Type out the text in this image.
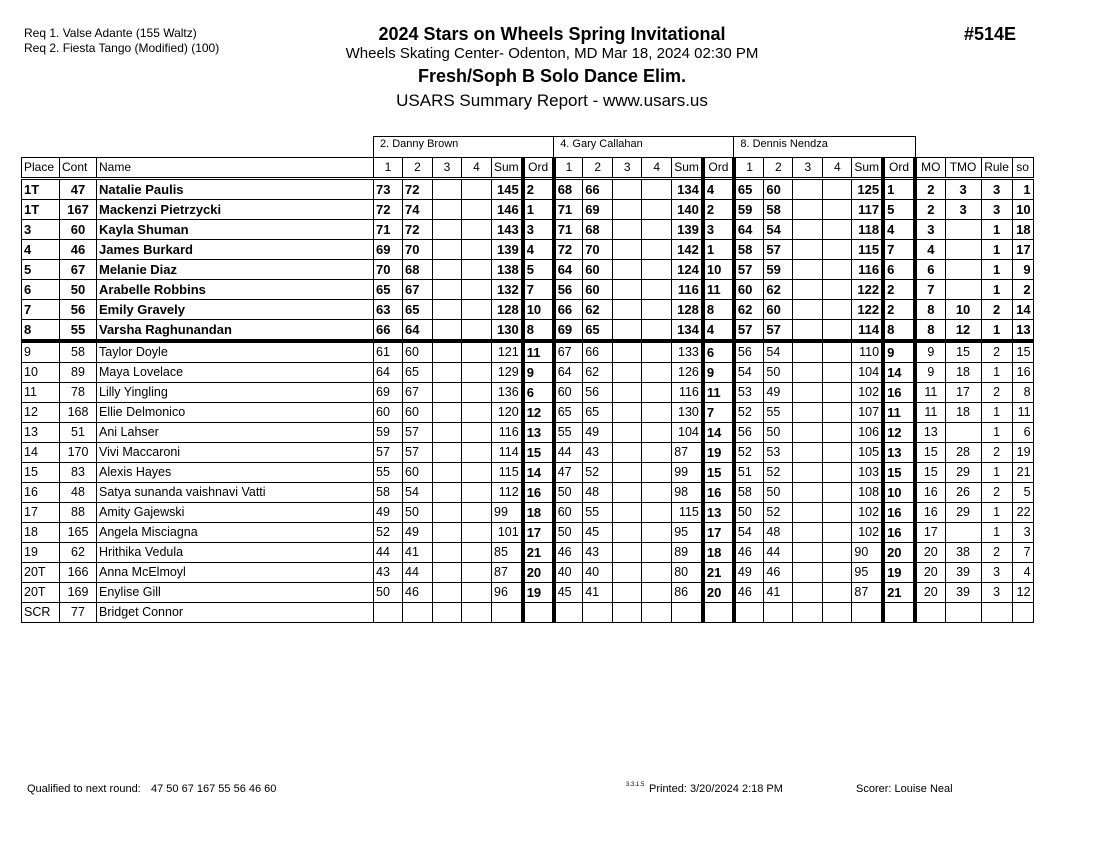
Req 1. Valse Adante (155 Waltz)
Req 2. Fiesta Tango (Modified) (100)
2024 Stars on Wheels Spring Invitational
Wheels Skating Center- Odenton, MD Mar 18, 2024 02:30 PM
Fresh/Soph B Solo Dance Elim.
USARS Summary Report - www.usars.us
#514E
			2. Danny Brown						4. Gary Callahan						8. Dennis Nendza									
Place	Cont	Name	1	2	3	4	Sum	Ord	1	2	3	4	Sum	Ord	1	2	3	4	Sum	Ord	MO	TMO	Rule	so
1T	47	Natalie Paulis	73	72			145	2	68	66			134	4	65	60			125	1	2	3	3	1
1T	167	Mackenzi Pietrzycki	72	74			146	1	71	69			140	2	59	58			117	5	2	3	3	10
3	60	Kayla Shuman	71	72			143	3	71	68			139	3	64	54			118	4	3		1	18
4	46	James Burkard	69	70			139	4	72	70			142	1	58	57			115	7	4		1	17
5	67	Melanie Diaz	70	68			138	5	64	60			124	10	57	59			116	6	6		1	9
6	50	Arabelle Robbins	65	67			132	7	56	60			116	11	60	62			122	2	7		1	2
7	56	Emily Gravely	63	65			128	10	66	62			128	8	62	60			122	2	8	10	2	14
8	55	Varsha Raghunandan	66	64			130	8	69	65			134	4	57	57			114	8	8	12	1	13
9	58	Taylor Doyle	61	60			121	11	67	66			133	6	56	54			110	9	9	15	2	15
10	89	Maya Lovelace	64	65			129	9	64	62			126	9	54	50			104	14	9	18	1	16
11	78	Lilly Yingling	69	67			136	6	60	56			116	11	53	49			102	16	11	17	2	8
12	168	Ellie Delmonico	60	60			120	12	65	65			130	7	52	55			107	11	11	18	1	11
13	51	Ani Lahser	59	57			116	13	55	49			104	14	56	50			106	12	13		1	6
14	170	Vivi Maccaroni	57	57			114	15	44	43			87	19	52	53			105	13	15	28	2	19
15	83	Alexis Hayes	55	60			115	14	47	52			99	15	51	52			103	15	15	29	1	21
16	48	Satya sunanda vaishnavi Vatti	58	54			112	16	50	48			98	16	58	50			108	10	16	26	2	5
17	88	Amity Gajewski	49	50			99	18	60	55			115	13	50	52			102	16	16	29	1	22
18	165	Angela Misciagna	52	49			101	17	50	45			95	17	54	48			102	16	17		1	3
19	62	Hrithika Vedula	44	41			85	21	46	43			89	18	46	44			90	20	20	38	2	7
20T	166	Anna McElmoyl	43	44			87	20	40	40			80	21	49	46			95	19	20	39	3	4
20T	169	Enylise Gill	50	46			96	19	45	41			86	20	46	41			87	21	20	39	3	12
SCR	77	Bridget Connor																						
Qualified to next round: 47 50 67 167 55 56 46 60	3.3.1.5 Printed: 3/20/2024 2:18 PM	Scorer: Louise Neal
